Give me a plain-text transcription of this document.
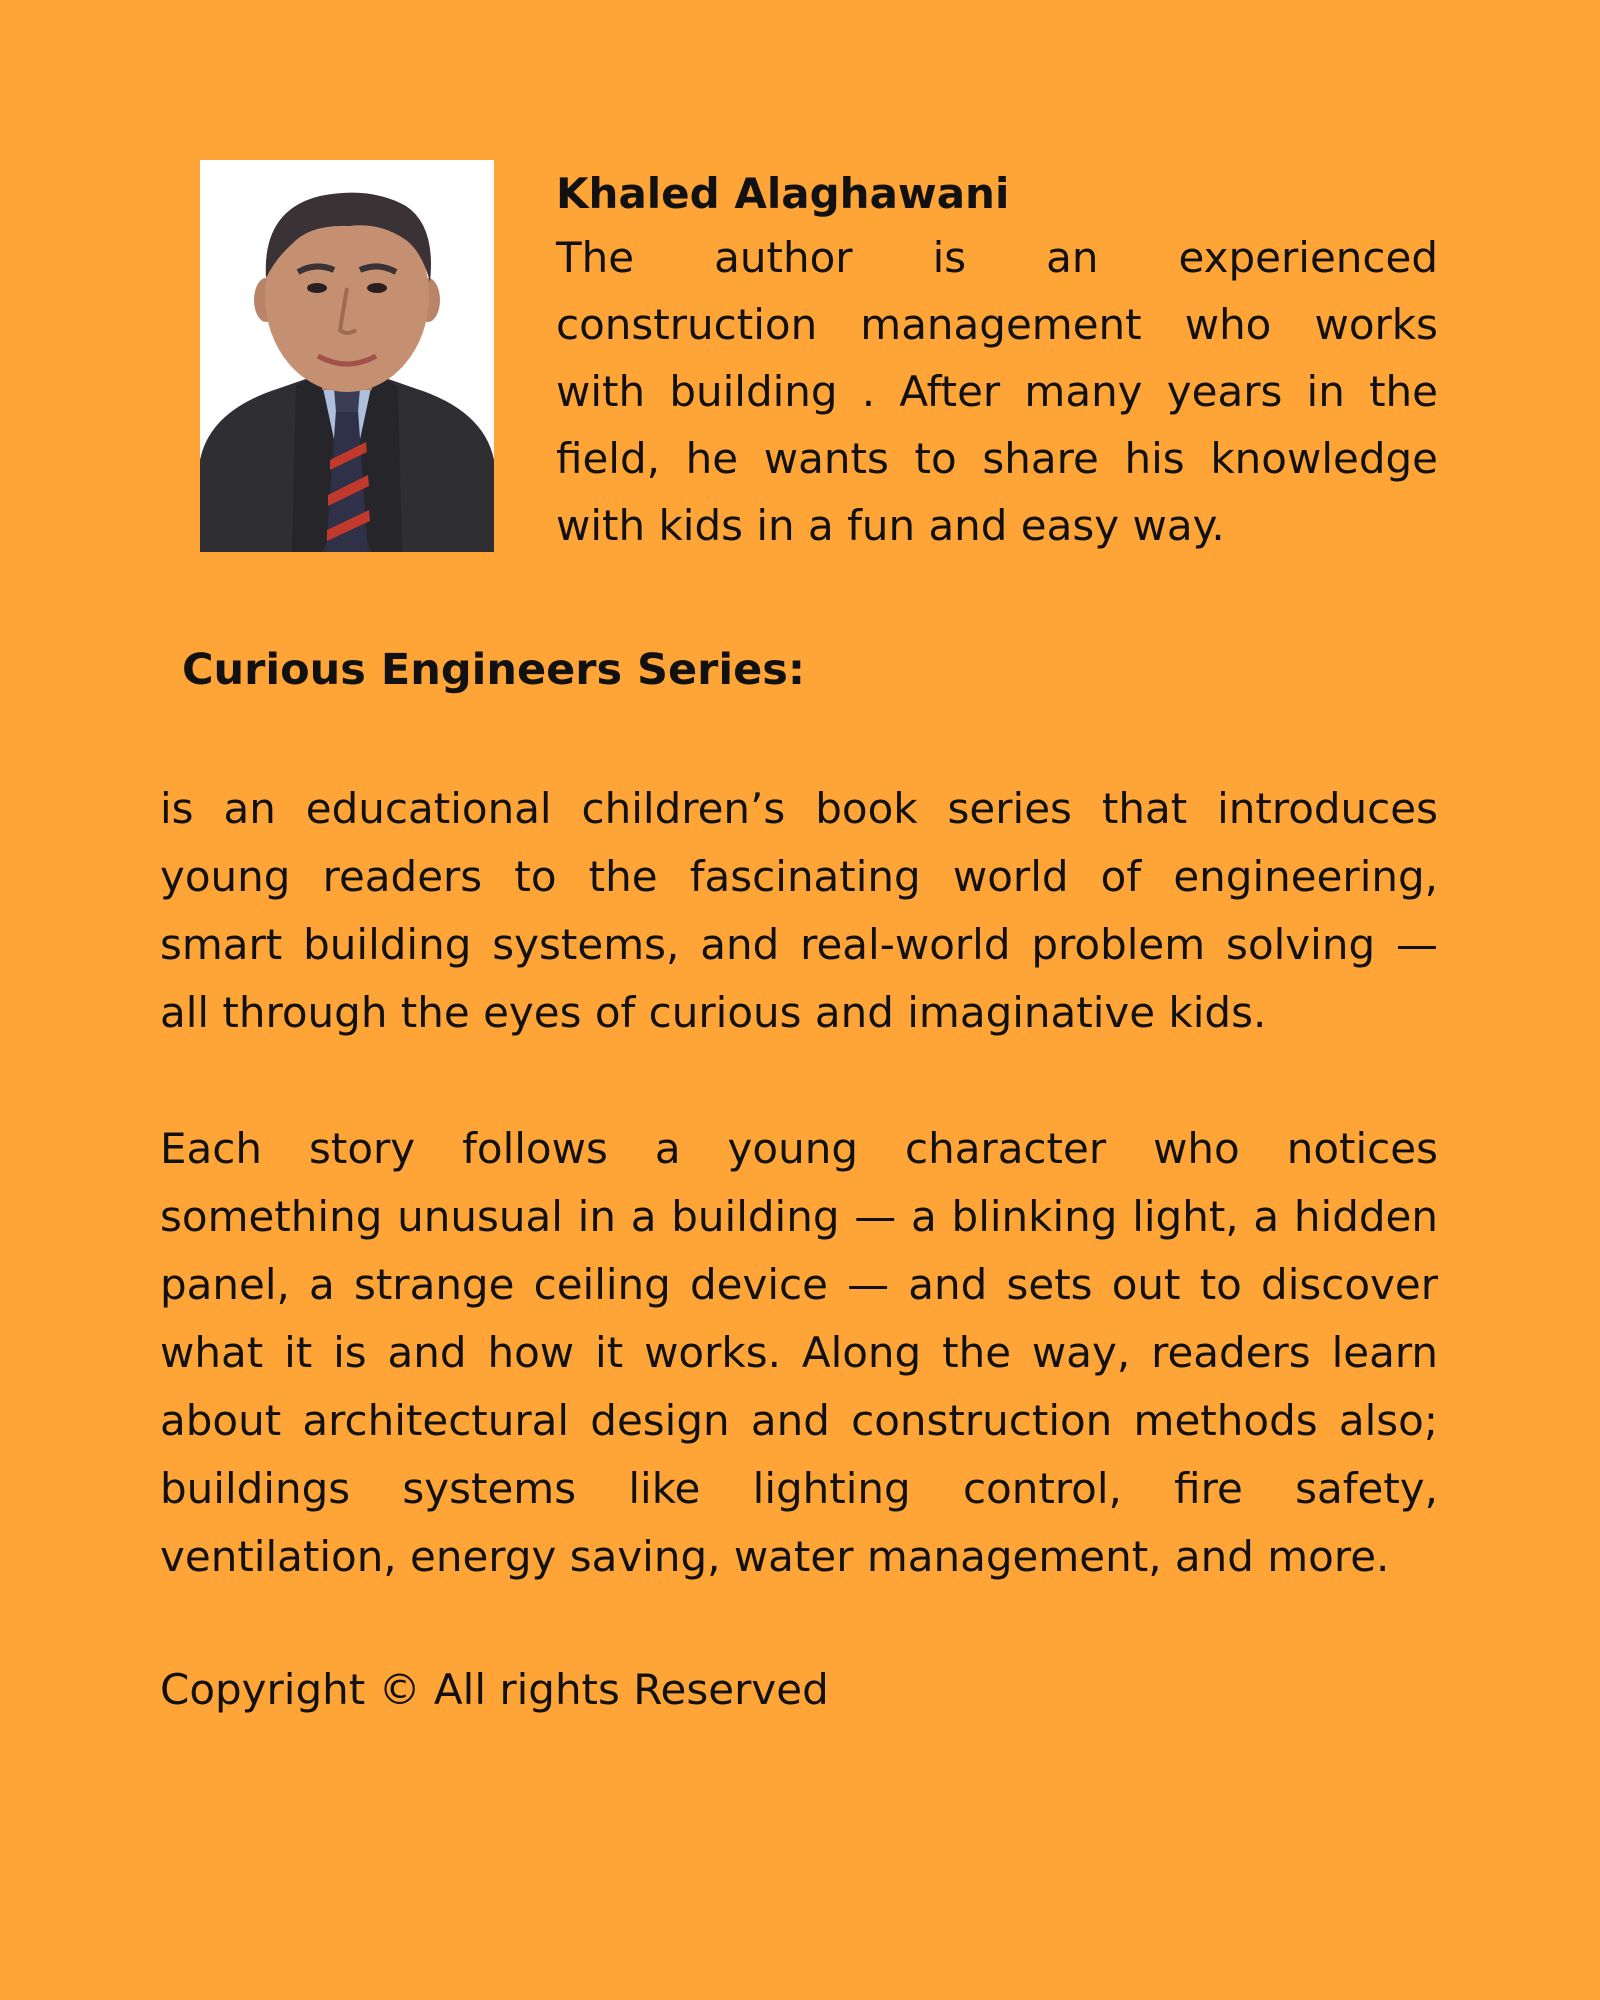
Khaled Alaghawani

The author is an experienced construction management who works with building . After many years in the field, he wants to share his knowledge with kids in a fun and easy way.

Curious Engineers Series:

is an educational children’s book series that introduces young readers to the fascinating world of engineering, smart building systems, and real-world problem solving — all through the eyes of curious and imaginative kids.

Each story follows a young character who notices something unusual in a building — a blinking light, a hidden panel, a strange ceiling device — and sets out to discover what it is and how it works. Along the way, readers learn about architectural design and construction methods also; buildings systems like lighting control, fire safety, ventilation, energy saving, water management, and more.

Copyright © All rights Reserved
